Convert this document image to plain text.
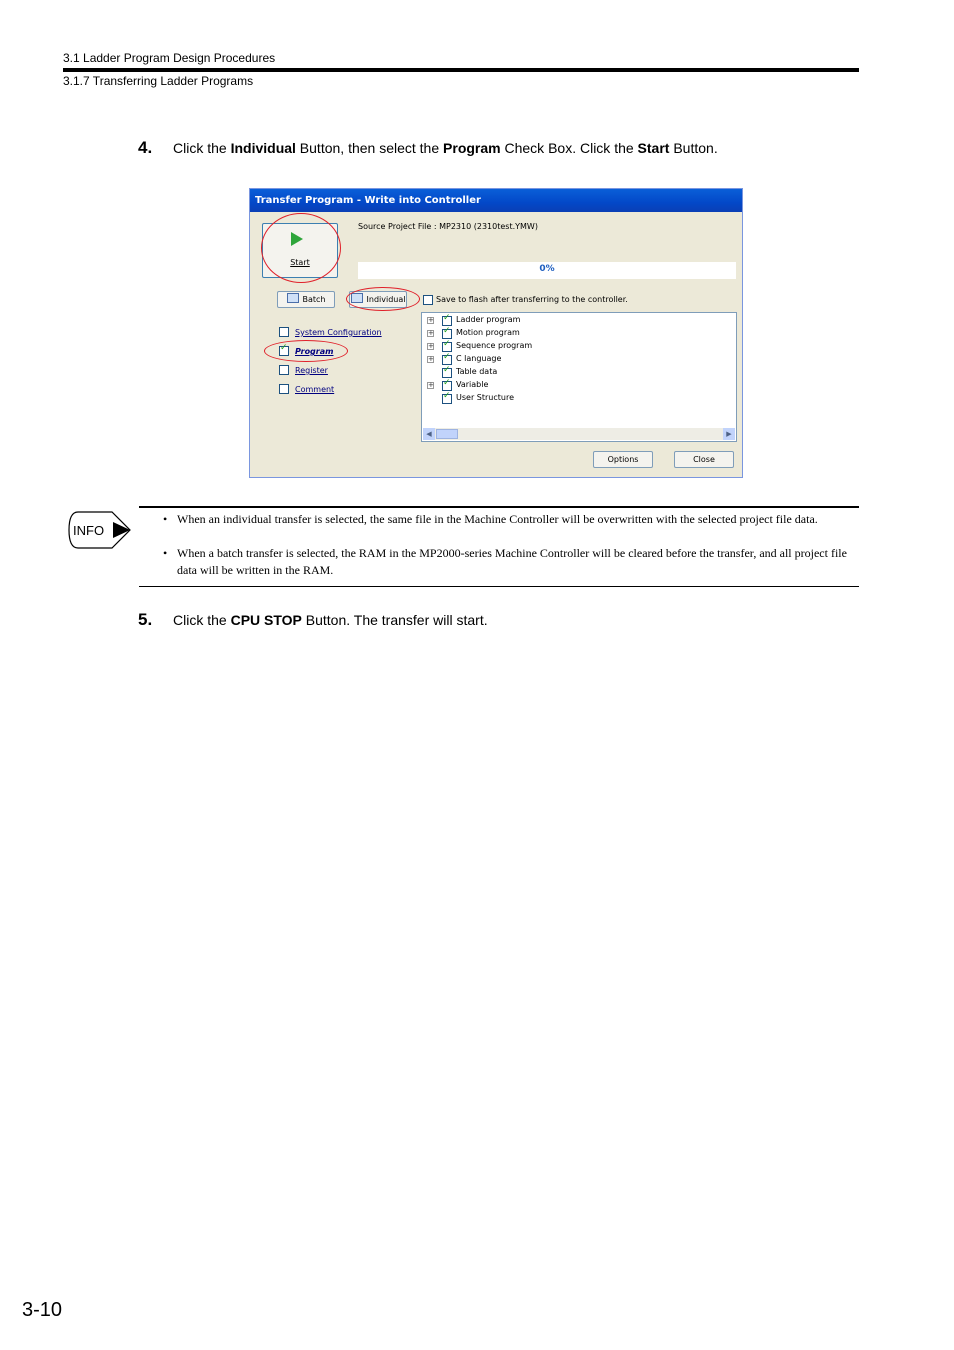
3.1 Ladder Program Design Procedures
3.1.7 Transferring Ladder Programs
4. Click the Individual Button, then select the Program Check Box. Click the Start Button.
Transfer Program - Write into Controller
Start
Source Project File : MP2310 (2310test.YMW)
0%
Batch	Individual	Save to flash after transferring to the controller.
System Configuration
✓
Program
Register
Comment
+ ✓	Ladder program
+ ✓	Motion program
+ ✓	Sequence program
+ ✓	C language
✓
Table data
+ ✓	Variable
✓
User Structure
◀	▶
Options	Close
INFO
• When an individual transfer is selected, the same file in the Machine Controller will be overwritten with the selected project file data.
• When a batch transfer is selected, the RAM in the MP2000-series Machine Controller will be cleared before the transfer, and all project file data will be written in the RAM.
5. Click the CPU STOP Button. The transfer will start.
3-10
